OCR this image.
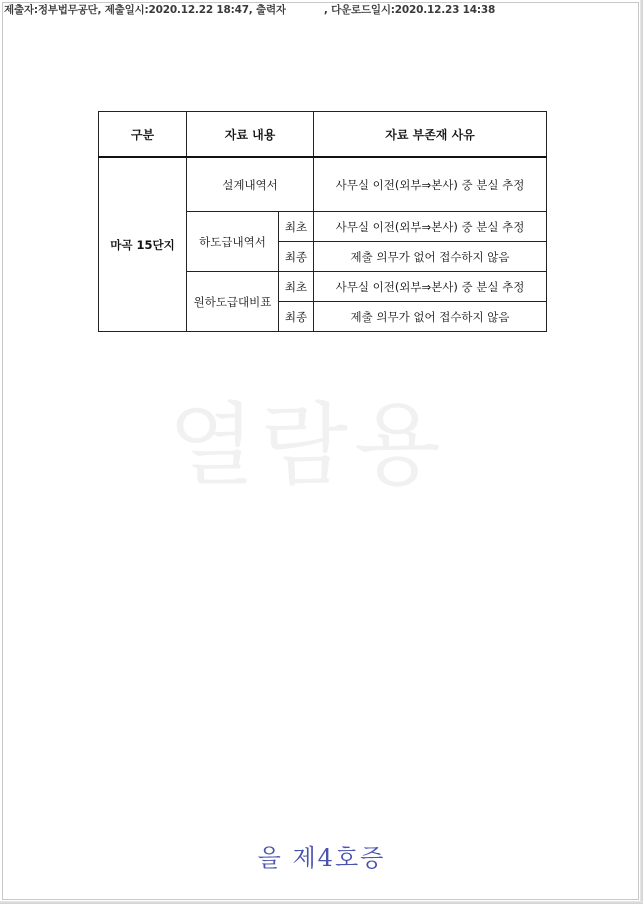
제출자:정부법무공단, 제출일시:2020.12.22 18:47, 출력자	, 다운로드일시:2020.12.23 14:38
열람용
구분	자료 내용		자료 부존재 사유
마곡 15단지	설계내역서		사무실 이전(외부⇒본사) 중 분실 추정
	하도급내역서	최초	사무실 이전(외부⇒본사) 중 분실 추정
		최종	제출 의무가 없어 접수하지 않음
	원하도급대비표	최초	사무실 이전(외부⇒본사) 중 분실 추정
		최종	제출 의무가 없어 접수하지 않음
을 제4호증
